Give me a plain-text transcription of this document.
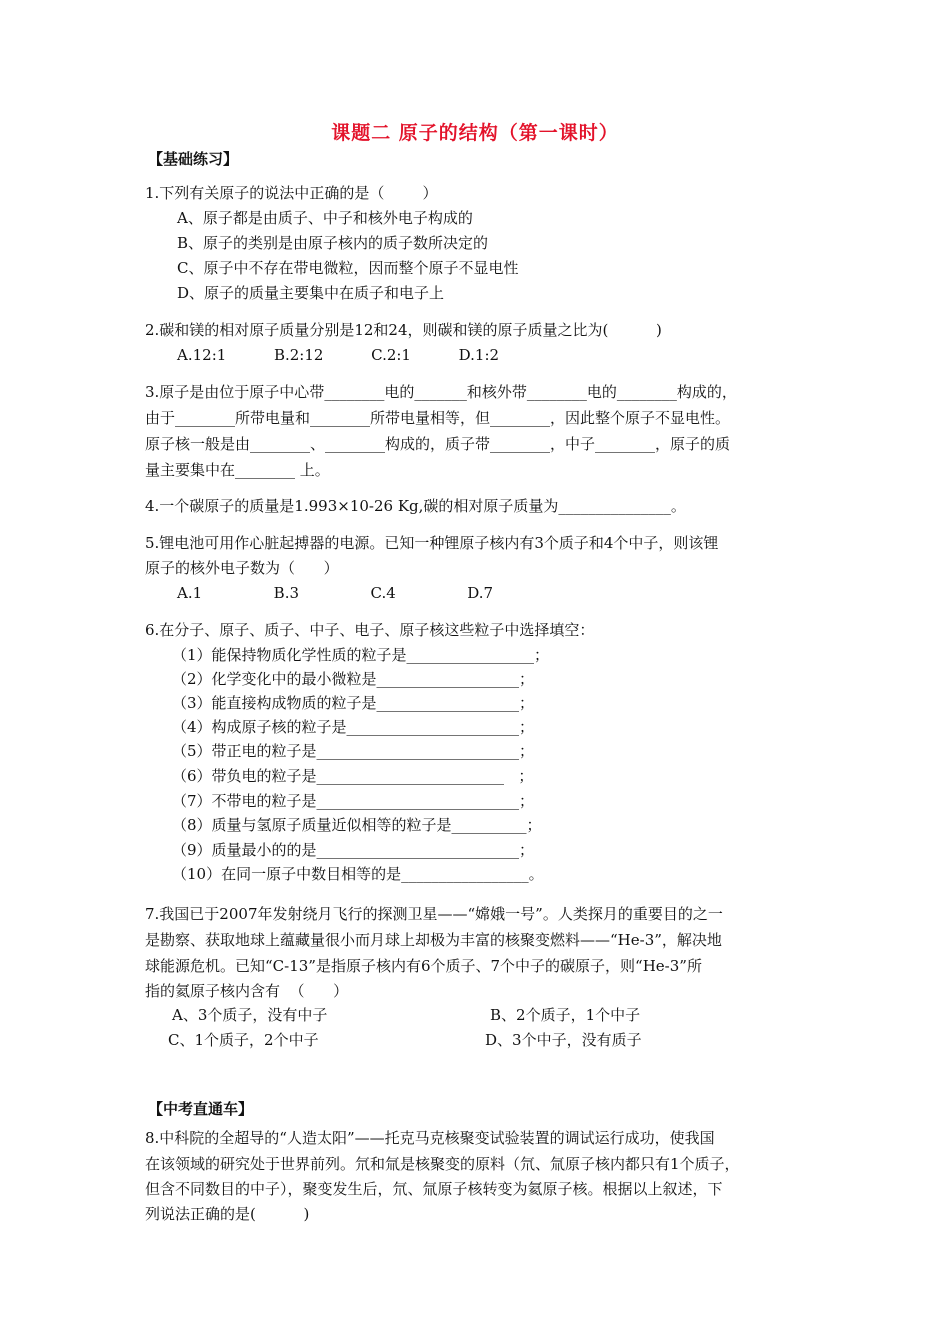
课题二 原子的结构（第一课时）
【基础练习】
1.下列有关原子的说法中正确的是（        ）
A、原子都是由质子、中子和核外电子构成的
B、原子的类别是由原子核内的质子数所决定的
C、原子中不存在带电微粒，因而整个原子不显电性
D、原子的质量主要集中在质子和电子上
2.碳和镁的相对原子质量分别是12和24，则碳和镁的原子质量之比为(          )
A.12:1          B.2:12          C.2:1          D.1:2
3.原子是由位于原子中心带________电的_______和核外带________电的________构成的，
由于________所带电量和________所带电量相等，但________，因此整个原子不显电性。
原子核一般是由________、________构成的，质子带________，中子________，原子的质
量主要集中在________ 上。
4.一个碳原子的质量是1.993×10-26 Kg,碳的相对原子质量为_______________。
5.锂电池可用作心脏起搏器的电源。已知一种锂原子核内有3个质子和4个中子，则该锂
原子的核外电子数为（      ）
A.1               B.3               C.4               D.7
6.在分子、原子、质子、中子、电子、原子核这些粒子中选择填空：
（1）能保持物质化学性质的粒子是_________________；
（2）化学变化中的最小微粒是___________________；
（3）能直接构成物质的粒子是___________________；
（4）构成原子核的粒子是_______________________；
（5）带正电的粒子是___________________________；
（6）带负电的粒子是_________________________   ；
（7）不带电的粒子是___________________________；
（8）质量与氢原子质量近似相等的粒子是__________；
（9）质量最小的的是___________________________；
（10）在同一原子中数目相等的是_________________。
7.我国已于2007年发射绕月飞行的探测卫星——“嫦娥一号”。人类探月的重要目的之一
是勘察、获取地球上蕴藏量很小而月球上却极为丰富的核聚变燃料——“He-3”，解决地
球能源危机。已知“C-13”是指原子核内有6个质子、7个中子的碳原子，则“He-3”所
指的氦原子核内含有  （      ）
A、3个质子，没有中子	B、2个质子，1个中子
C、1个质子，2个中子	D、3个中子，没有质子
【中考直通车】
8.中科院的全超导的“人造太阳”——托克马克核聚变试验装置的调试运行成功，使我国
在该领域的研究处于世界前列。氘和氚是核聚变的原料（氘、氚原子核内都只有1个质子，
但含不同数目的中子），聚变发生后，氘、氚原子核转变为氦原子核。根据以上叙述，下
列说法正确的是(          )
